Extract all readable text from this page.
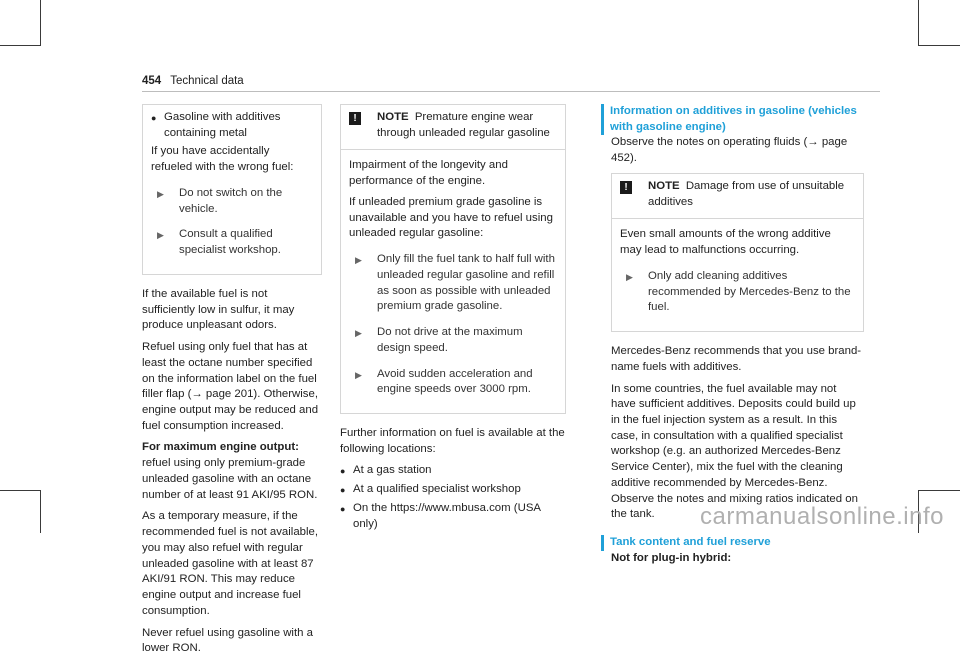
454 Technical data
● Gasoline with additives containing metal

If you have accidentally refueled with the wrong fuel:

▶	Do not switch on the vehicle.
▶	Consult a qualified specialist workshop.

If the available fuel is not sufficiently low in sulfur, it may produce unpleasant odors.

Refuel using only fuel that has at least the octane number specified on the information label on the fuel filler flap (→ page 201). Otherwise, engine output may be reduced and fuel consumption increased.

For maximum engine output: refuel using only premium-grade unleaded gasoline with an octane number of at least 91 AKI/95 RON.

As a temporary measure, if the recommended fuel is not available, you may also refuel with regular unleaded gasoline with at least 87 AKI/91 RON. This may reduce engine output and increase fuel consumption.

Never refuel using gasoline with a lower RON.

!	NOTE Premature engine wear through unleaded regular gasoline

Impairment of the longevity and performance of the engine.

If unleaded premium grade gasoline is unavailable and you have to refuel using unleaded regular gasoline:

▶	Only fill the fuel tank to half full with unleaded regular gasoline and refill as soon as possible with unleaded premium grade gasoline.
▶	Do not drive at the maximum design speed.
▶	Avoid sudden acceleration and engine speeds over 3000 rpm.

Further information on fuel is available at the following locations:

● At a gas station
● At a qualified specialist workshop
● On the https://www.mbusa.com (USA only)
Information on additives in gasoline (vehicles with gasoline engine)

Observe the notes on operating fluids (→ page 452).

!	NOTE Damage from use of unsuitable additives

Even small amounts of the wrong additive may lead to malfunctions occurring.

▶	Only add cleaning additives recommended by Mercedes-Benz to the fuel.

Mercedes-Benz recommends that you use brand-name fuels with additives.

In some countries, the fuel available may not have sufficient additives. Deposits could build up in the fuel injection system as a result. In this case, in consultation with a qualified specialist workshop (e.g. an authorized Mercedes-Benz Service Center), mix the fuel with the cleaning additive recommended by Mercedes-Benz. Observe the notes and mixing ratios indicated on the tank.

Tank content and fuel reserve

Not for plug-in hybrid:

carmanualsonline.info
